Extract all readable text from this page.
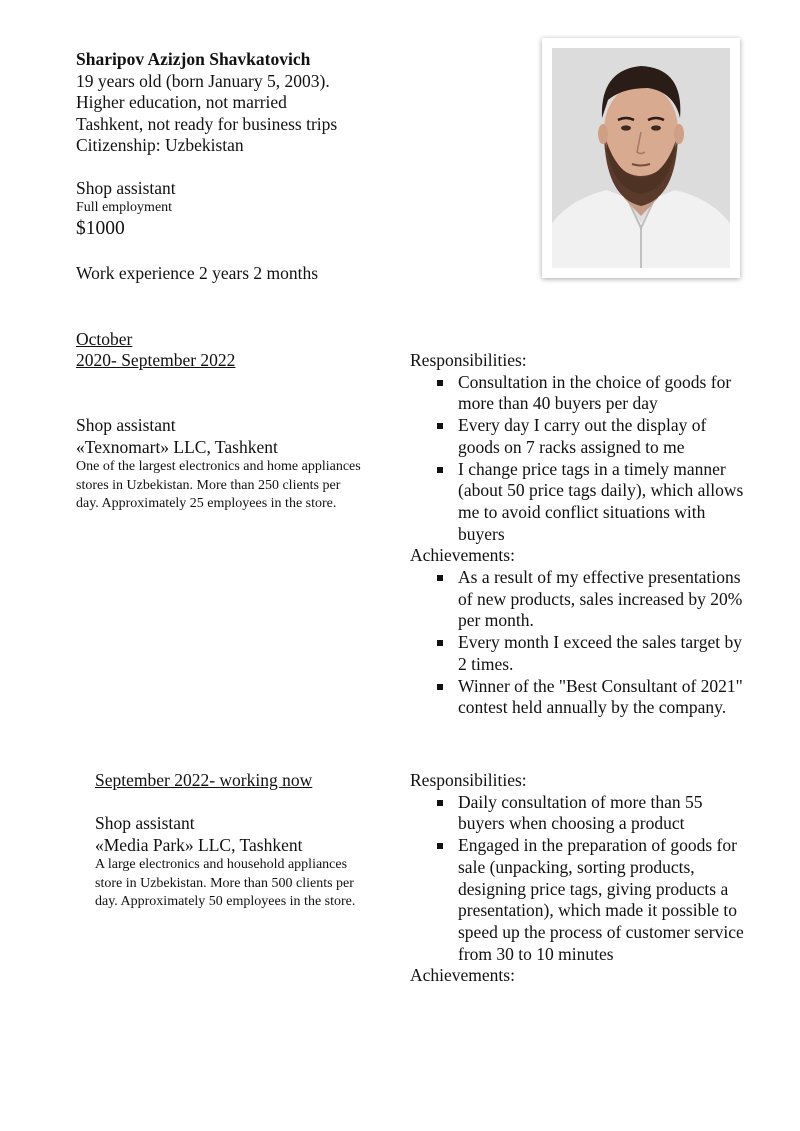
Sharipov Azizjon Shavkatovich
19 years old (born January 5, 2003).
Higher education, not married
Tashkent, not ready for business trips
Citizenship: Uzbekistan
Shop assistant
Full employment
$1000
Work experience 2 years 2 months
October
2020- September 2022
Shop assistant
«Texnomart» LLC, Tashkent
One of the largest electronics and home appliances stores in Uzbekistan. More than 250 clients per day. Approximately 25 employees in the store.

Responsibilities:

Consultation in the choice of goods for more than 40 buyers per day
Every day I carry out the display of goods on 7 racks assigned to me
I change price tags in a timely manner (about 50 price tags daily), which allows me to avoid conflict situations with buyers

Achievements:

As a result of my effective presentations of new products, sales increased by 20% per month.
Every month I exceed the sales target by 2 times.
Winner of the "Best Consultant of 2021" contest held annually by the company.
September 2022- working now
Shop assistant
«Media Park» LLC, Tashkent
A large electronics and household appliances store in Uzbekistan. More than 500 clients per day. Approximately 50 employees in the store.

Responsibilities:

Daily consultation of more than 55 buyers when choosing a product
Engaged in the preparation of goods for sale (unpacking, sorting products, designing price tags, giving products a presentation), which made it possible to speed up the process of customer service from 30 to 10 minutes

Achievements:
